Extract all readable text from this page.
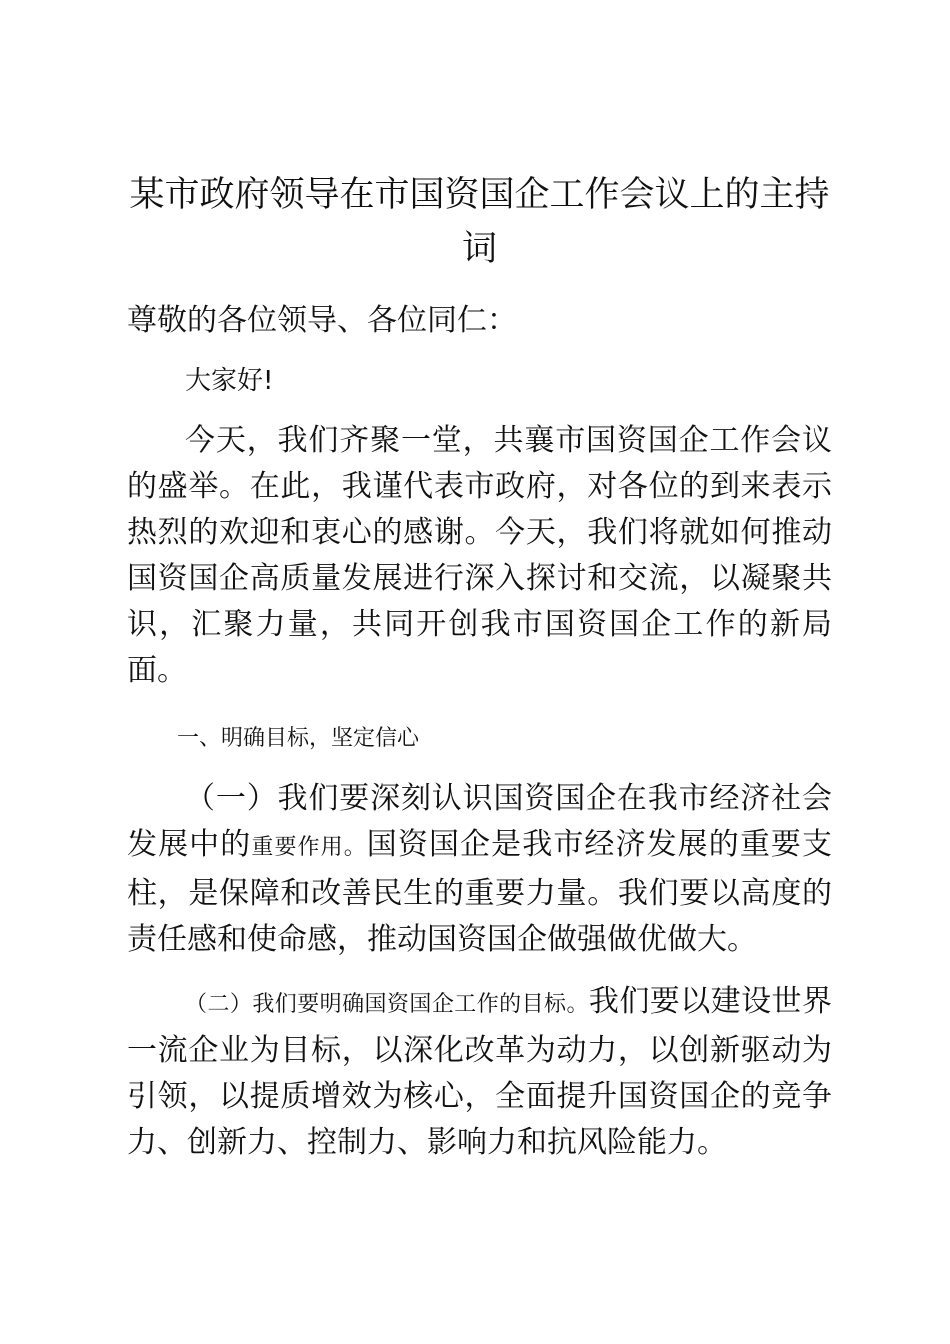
某市政府领导在市国资国企工作会议上的主持词

尊敬的各位领导、各位同仁：

大家好!

今天，我们齐聚一堂，共襄市国资国企工作会议的盛举。在此，我谨代表市政府，对各位的到来表示热烈的欢迎和衷心的感谢。今天，我们将就如何推动国资国企高质量发展进行深入探讨和交流，以凝聚共识，汇聚力量，共同开创我市国资国企工作的新局面。

一、明确目标，坚定信心

（一）我们要深刻认识国资国企在我市经济社会发展中的重要作用。国资国企是我市经济发展的重要支柱，是保障和改善民生的重要力量。我们要以高度的责任感和使命感，推动国资国企做强做优做大。

（二）我们要明确国资国企工作的目标。我们要以建设世界一流企业为目标，以深化改革为动力，以创新驱动为引领，以提质增效为核心，全面提升国资国企的竞争力、创新力、控制力、影响力和抗风险能力。
